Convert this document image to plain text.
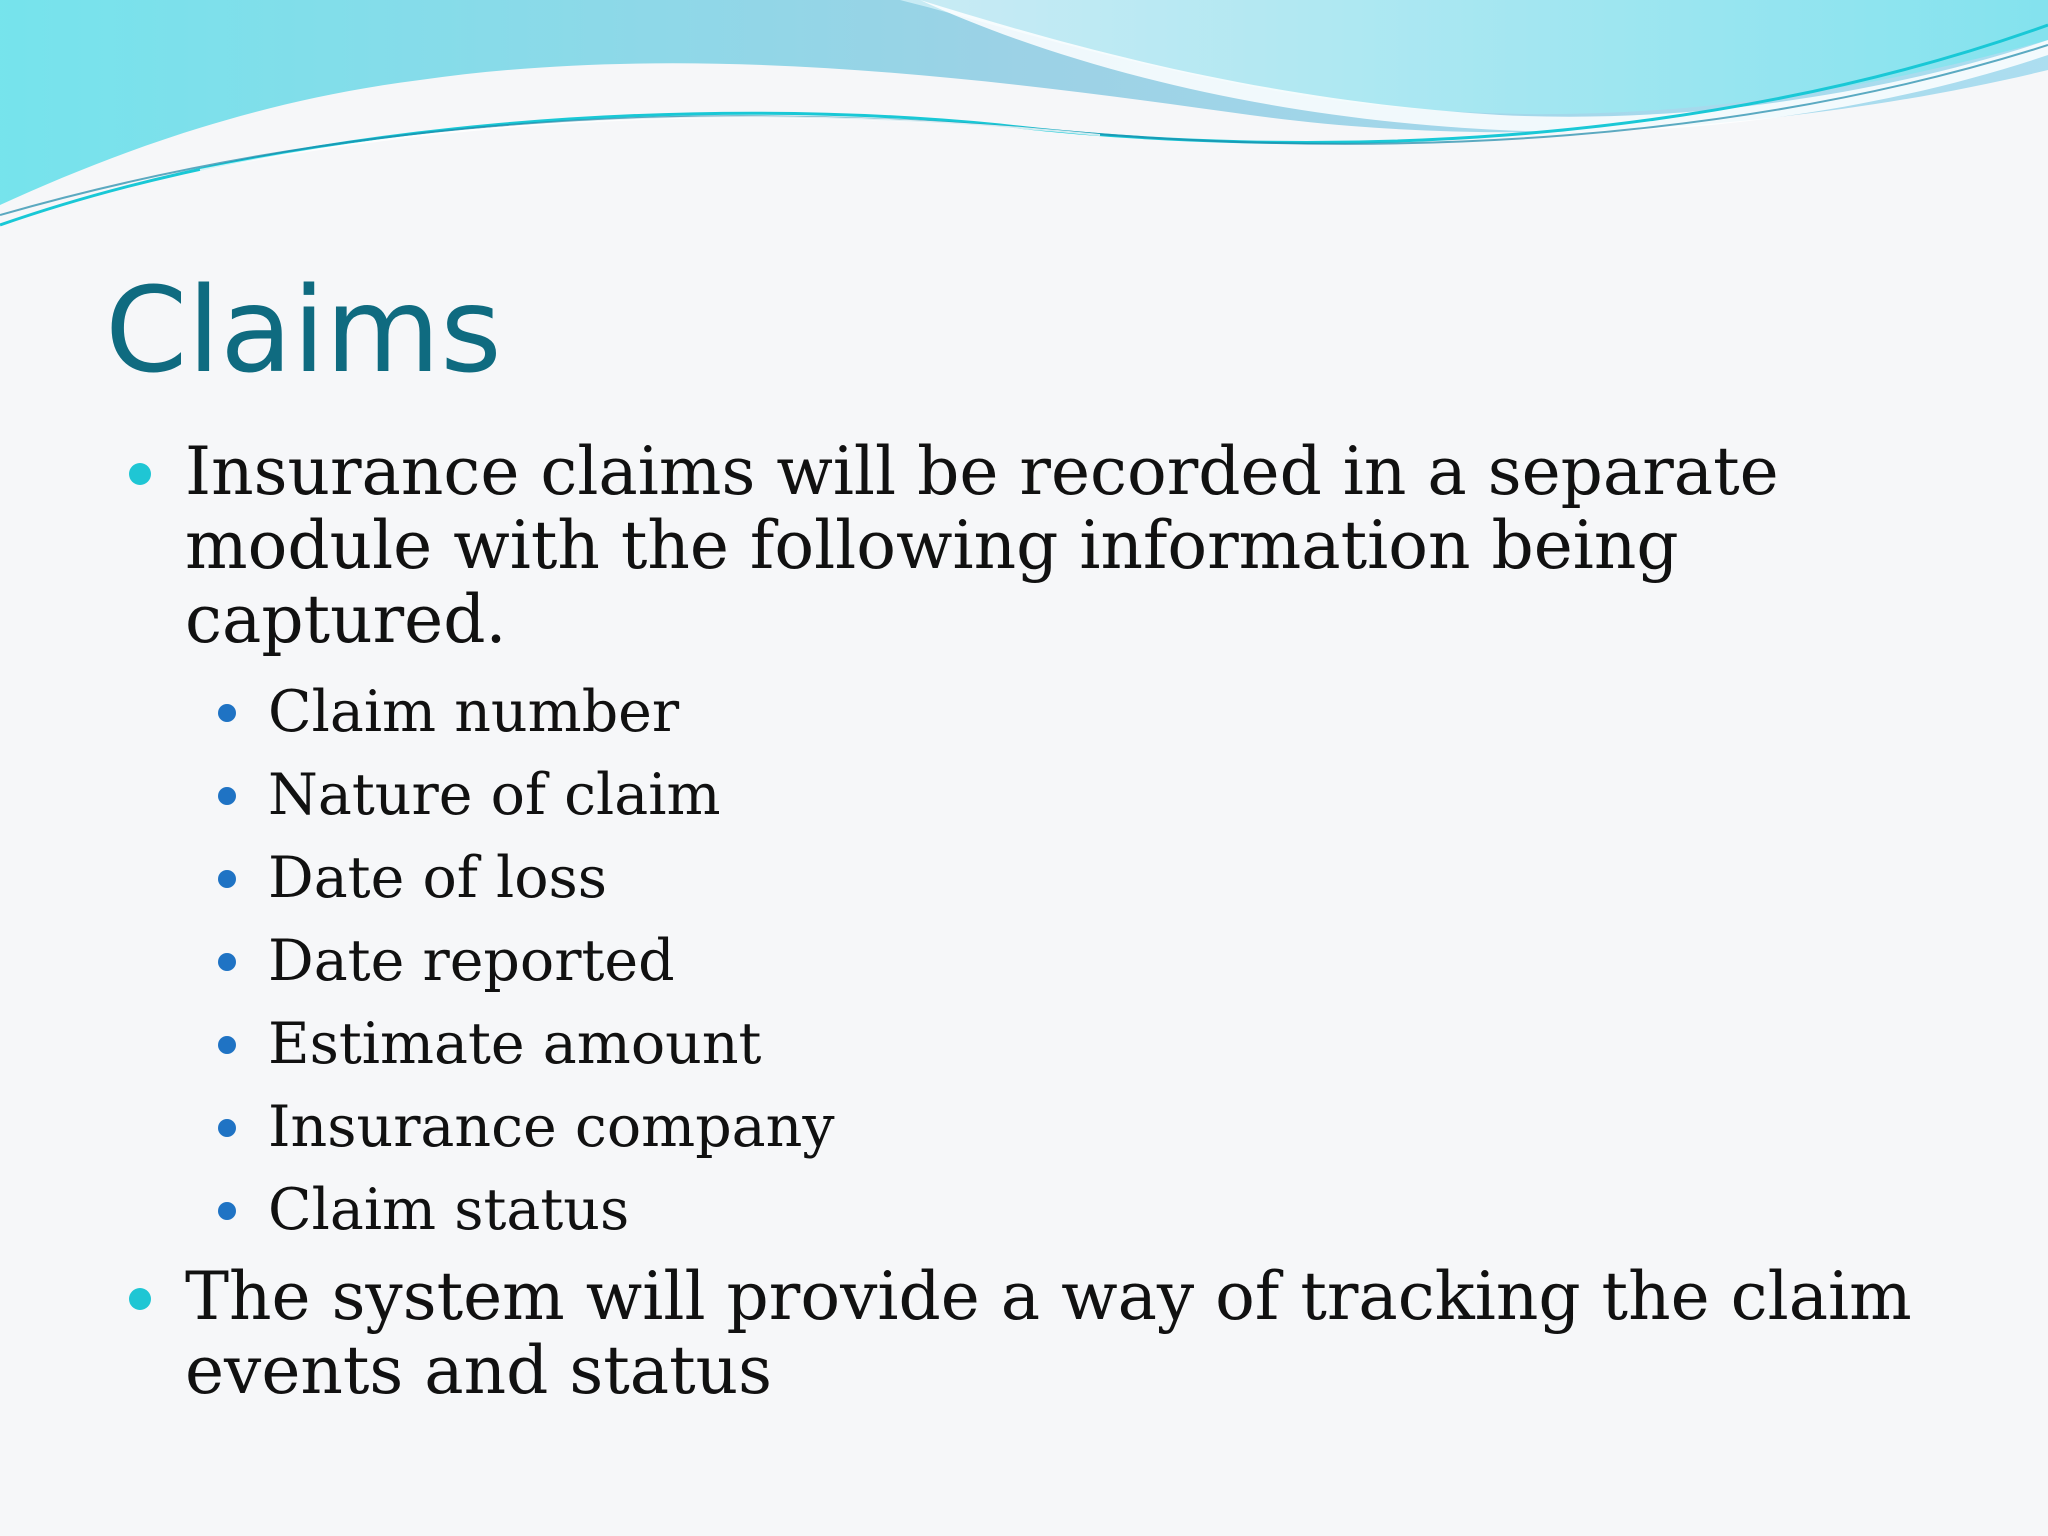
Claims
Insurance claims will be recorded in a separate module with the following information being captured.
Claim number
Nature of claim
Date of loss
Date reported
Estimate amount
Insurance company
Claim status
The system will provide a way of tracking the claim events and status
